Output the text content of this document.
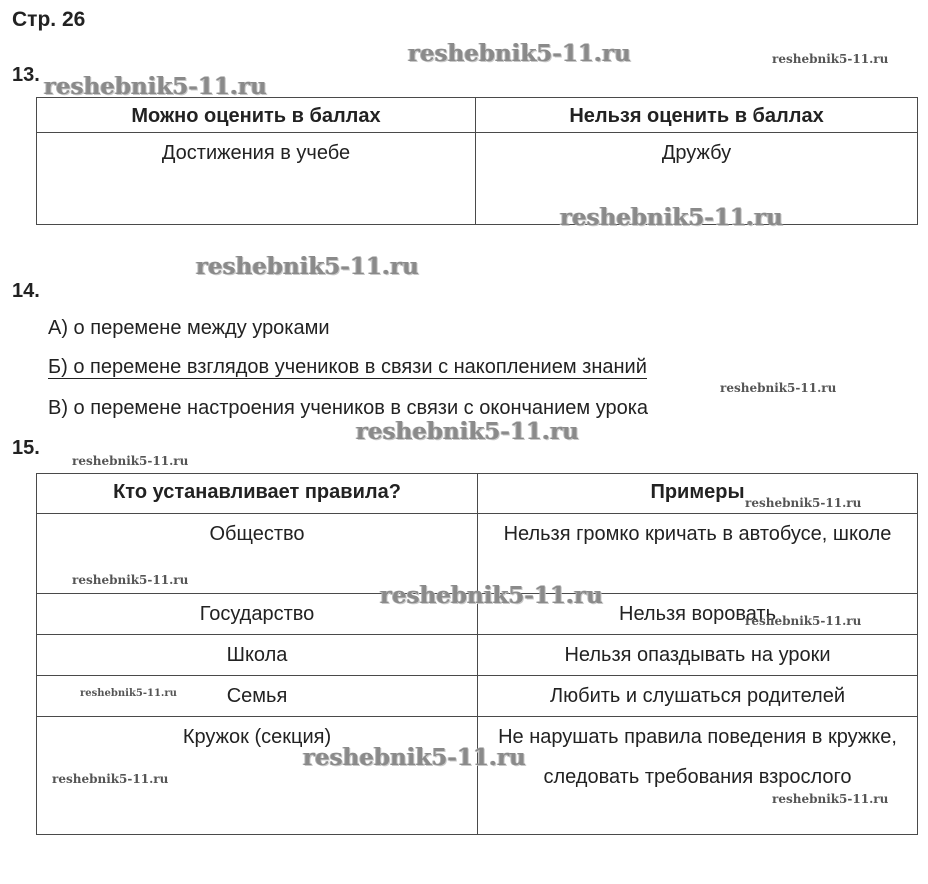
Стр. 26
13.
Можно оценить в баллах	Нельзя оценить в баллах
Достижения в учебе	Дружбу
14.
А) о перемене между уроками
Б) о перемене взглядов учеников в связи с накоплением знаний
В) о перемене настроения учеников в связи с окончанием урока
15.
Кто устанавливает правила?	Примеры
Общество	Нельзя громко кричать в автобусе, школе
Государство	Нельзя воровать
Школа	Нельзя опаздывать на уроки
Семья	Любить и слушаться родителей
Кружок (секция)	Не нарушать правила поведения в кружке, следовать требования взрослого
reshebnik5-11.ru	reshebnik5-11.ru
reshebnik5-11.ru
reshebnik5-11.ru
reshebnik5-11.ru
reshebnik5-11.ru
reshebnik5-11.ru
reshebnik5-11.ru
reshebnik5-11.ru
reshebnik5-11.ru
reshebnik5-11.ru
reshebnik5-11.ru
reshebnik5-11.ru
reshebnik5-11.ru
reshebnik5-11.ru
reshebnik5-11.ru
